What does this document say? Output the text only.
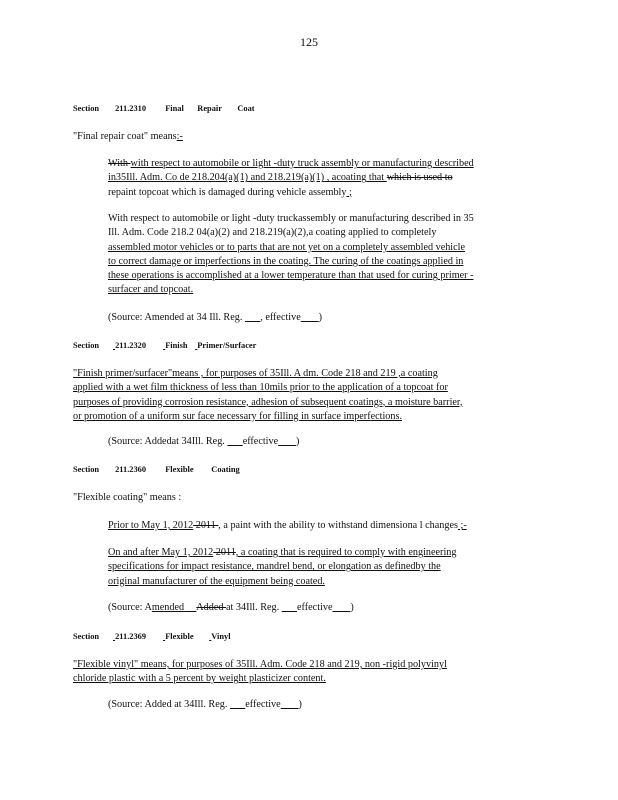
125
Section 211.2310 Final Repair Coat
"Final repair coat" means:-
With with respect to automobile or light -duty truck assembly or manufacturing described
in35Ill. Adm. Co de 218.204(a)(1) and 218.219(a)(1) , acoating that which is used to
repaint topcoat which is damaged during vehicle assembly ;
With respect to automobile or light -duty truckassembly or manufacturing described in 35
Ill. Adm. Code 218.2 04(a)(2) and 218.219(a)(2),a coating applied to completely
assembled motor vehicles or to parts that are not yet on a completely assembled vehicle
to correct damage or imperfections in the coating. The curing of the coatings applied in
these operations is accomplished at a lower temperature than that used for curing primer -
surfacer and topcoat.
(Source: Amended at 34 Ill. Reg.       , effective )
Section 211.2320 Finish Primer/Surfacer
"Finish primer/surfacer"means , for purposes of 35Ill. A dm. Code 218 and 219 ,a coating
applied with a wet film thickness of less than 10mils prior to the application of a topcoat for
purposes of providing corrosion resistance, adhesion of subsequent coatings, a moisture barrier,
or promotion of a uniform sur face necessary for filling in surface imperfections.
(Source: Addedat 34Ill. Reg.       effective )
Section 211.2360 Flexible Coating
"Flexible coating" means :
Prior to May 1, 2012 2011 , a paint with the ability to withstand dimensiona l changes ;-
On and after May 1, 2012 2011, a coating that is required to comply with engineering
specifications for impact resistance, mandrel bend, or elongation as definedby the
original manufacturer of the equipment being coated.
(Source: Amended Added at 34Ill. Reg.       effective )
Section 211.2369 Flexible Vinyl
"Flexible vinyl" means, for purposes of 35Ill. Adm. Code 218 and 219, non -rigid polyvinyl
chloride plastic with a 5 percent by weight plasticizer content.
(Source: Added at 34Ill. Reg.       effective )
